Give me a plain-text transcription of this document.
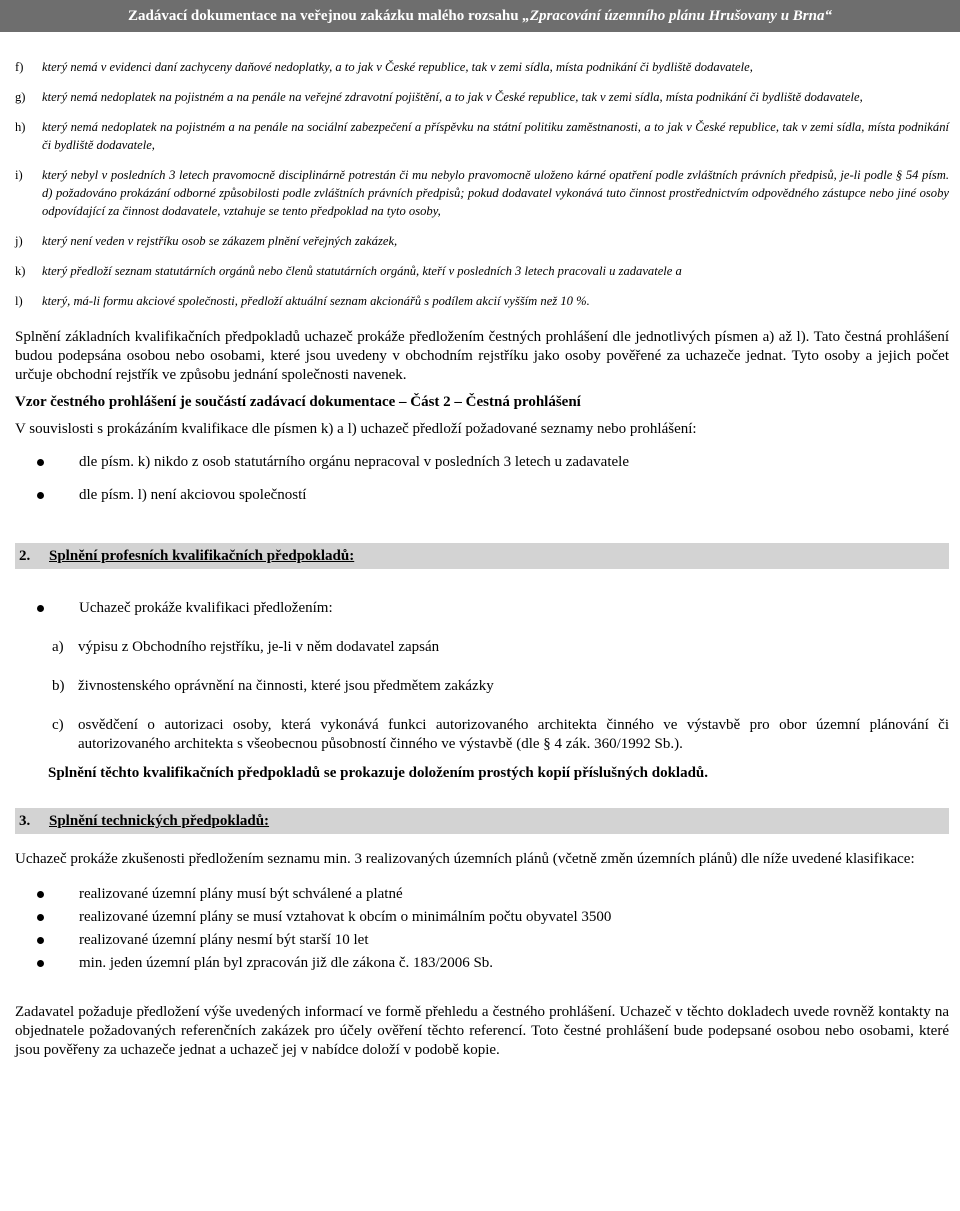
Zadávací dokumentace na veřejnou zakázku malého rozsahu „Zpracování územního plánu Hrušovany u Brna“
f) který nemá v evidenci daní zachyceny daňové nedoplatky, a to jak v České republice, tak v zemi sídla, místa podnikání či bydliště dodavatele,
g) který nemá nedoplatek na pojistném a na penále na veřejné zdravotní pojištění, a to jak v České republice, tak v zemi sídla, místa podnikání či bydliště dodavatele,
h) který nemá nedoplatek na pojistném a na penále na sociální zabezpečení a příspěvku na státní politiku zaměstnanosti, a to jak v České republice, tak v zemi sídla, místa podnikání či bydliště dodavatele,
i) který nebyl v posledních 3 letech pravomocně disciplinárně potrestán či mu nebylo pravomocně uloženo kárné opatření podle zvláštních právních předpisů, je-li podle § 54 písm. d) požadováno prokázání odborné způsobilosti podle zvláštních právních předpisů; pokud dodavatel vykonává tuto činnost prostřednictvím odpovědného zástupce nebo jiné osoby odpovídající za činnost dodavatele, vztahuje se tento předpoklad na tyto osoby,
j) který není veden v rejstříku osob se zákazem plnění veřejných zakázek,
k) který předloží seznam statutárních orgánů nebo členů statutárních orgánů, kteří v posledních 3 letech pracovali u zadavatele a
l) který, má-li formu akciové společnosti, předloží aktuální seznam akcionářů s podílem akcií vyšším než 10 %.

Splnění základních kvalifikačních předpokladů uchazeč prokáže předložením čestných prohlášení dle jednotlivých písmen a) až l). Tato čestná prohlášení budou podepsána osobou nebo osobami, které jsou uvedeny v obchodním rejstříku jako osoby pověřené za uchazeče jednat. Tyto osoby a jejich počet určuje obchodní rejstřík ve způsobu jednání společnosti navenek.

Vzor čestného prohlášení je součástí zadávací dokumentace – Část 2 – Čestná prohlášení

V souvislosti s prokázáním kvalifikace dle písmen k) a l) uchazeč předloží požadované seznamy nebo prohlášení:

dle písm. k) nikdo z osob statutárního orgánu nepracoval v posledních 3 letech u zadavatele
dle písm. l) není akciovou společností
2. Splnění profesních kvalifikačních předpokladů:
Uchazeč prokáže kvalifikaci předložením:
a) výpisu z Obchodního rejstříku, je-li v něm dodavatel zapsán
b) živnostenského oprávnění na činnosti, které jsou předmětem zakázky
c) osvědčení o autorizaci osoby, která vykonává funkci autorizovaného architekta činného ve výstavbě pro obor územní plánování či autorizovaného architekta s všeobecnou působností činného ve výstavbě (dle § 4 zák. 360/1992 Sb.).

Splnění těchto kvalifikačních předpokladů se prokazuje doložením prostých kopií příslušných dokladů.

3. Splnění technických předpokladů:

Uchazeč prokáže zkušenosti předložením seznamu min. 3 realizovaných územních plánů (včetně změn územních plánů) dle níže uvedené klasifikace:

realizované územní plány musí být schválené a platné
realizované územní plány se musí vztahovat k obcím o minimálním počtu obyvatel 3500
realizované územní plány nesmí být starší 10 let
min. jeden územní plán byl zpracován již dle zákona č. 183/2006 Sb.

Zadavatel požaduje předložení výše uvedených informací ve formě přehledu a čestného prohlášení. Uchazeč v těchto dokladech uvede rovněž kontakty na objednatele požadovaných referenčních zakázek pro účely ověření těchto referencí. Toto čestné prohlášení bude podepsané osobou nebo osobami, které jsou pověřeny za uchazeče jednat a uchazeč jej v nabídce doloží v podobě kopie.
